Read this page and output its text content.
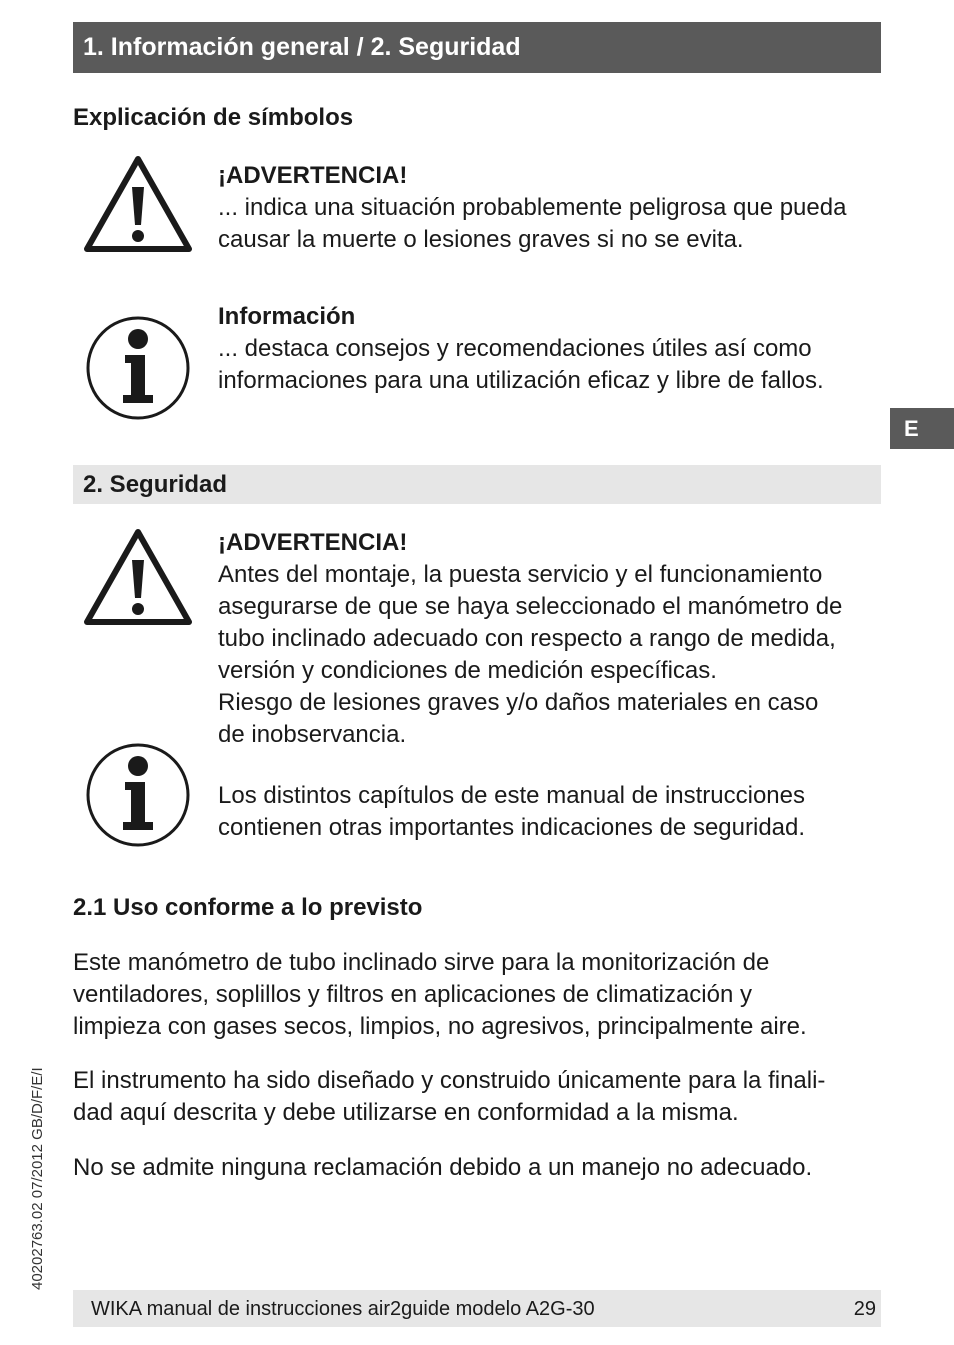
1. Información general / 2. Seguridad
Explicación de símbolos
¡ADVERTENCIA!
... indica una situación probablemente peligrosa que pueda
causar la muerte o lesiones graves si no se evita.
Información
... destaca consejos y recomendaciones útiles así como
informaciones para una utilización eficaz y libre de fallos.
E
2. Seguridad
¡ADVERTENCIA!
Antes del montaje, la puesta servicio y el funcionamiento
asegurarse de que se haya seleccionado el manómetro de
tubo inclinado adecuado con respecto a rango de medida,
versión y condiciones de medición específicas.
Riesgo de lesiones graves y/o daños materiales en caso
de inobservancia.
Los distintos capítulos de este manual de instrucciones
contienen otras importantes indicaciones de seguridad.
2.1 Uso conforme a lo previsto
Este manómetro de tubo inclinado sirve para la monitorización de
ventiladores, soplillos y filtros en aplicaciones de climatización y
limpieza con gases secos, limpios, no agresivos, principalmente aire.
El instrumento ha sido diseñado y construido únicamente para la finali-
dad aquí descrita y debe utilizarse en conformidad a la misma.
No se admite ninguna reclamación debido a un manejo no adecuado.
40202763.02 07/2012 GB/D/F/E/I
WIKA manual de instrucciones air2guide modelo A2G-30	29
